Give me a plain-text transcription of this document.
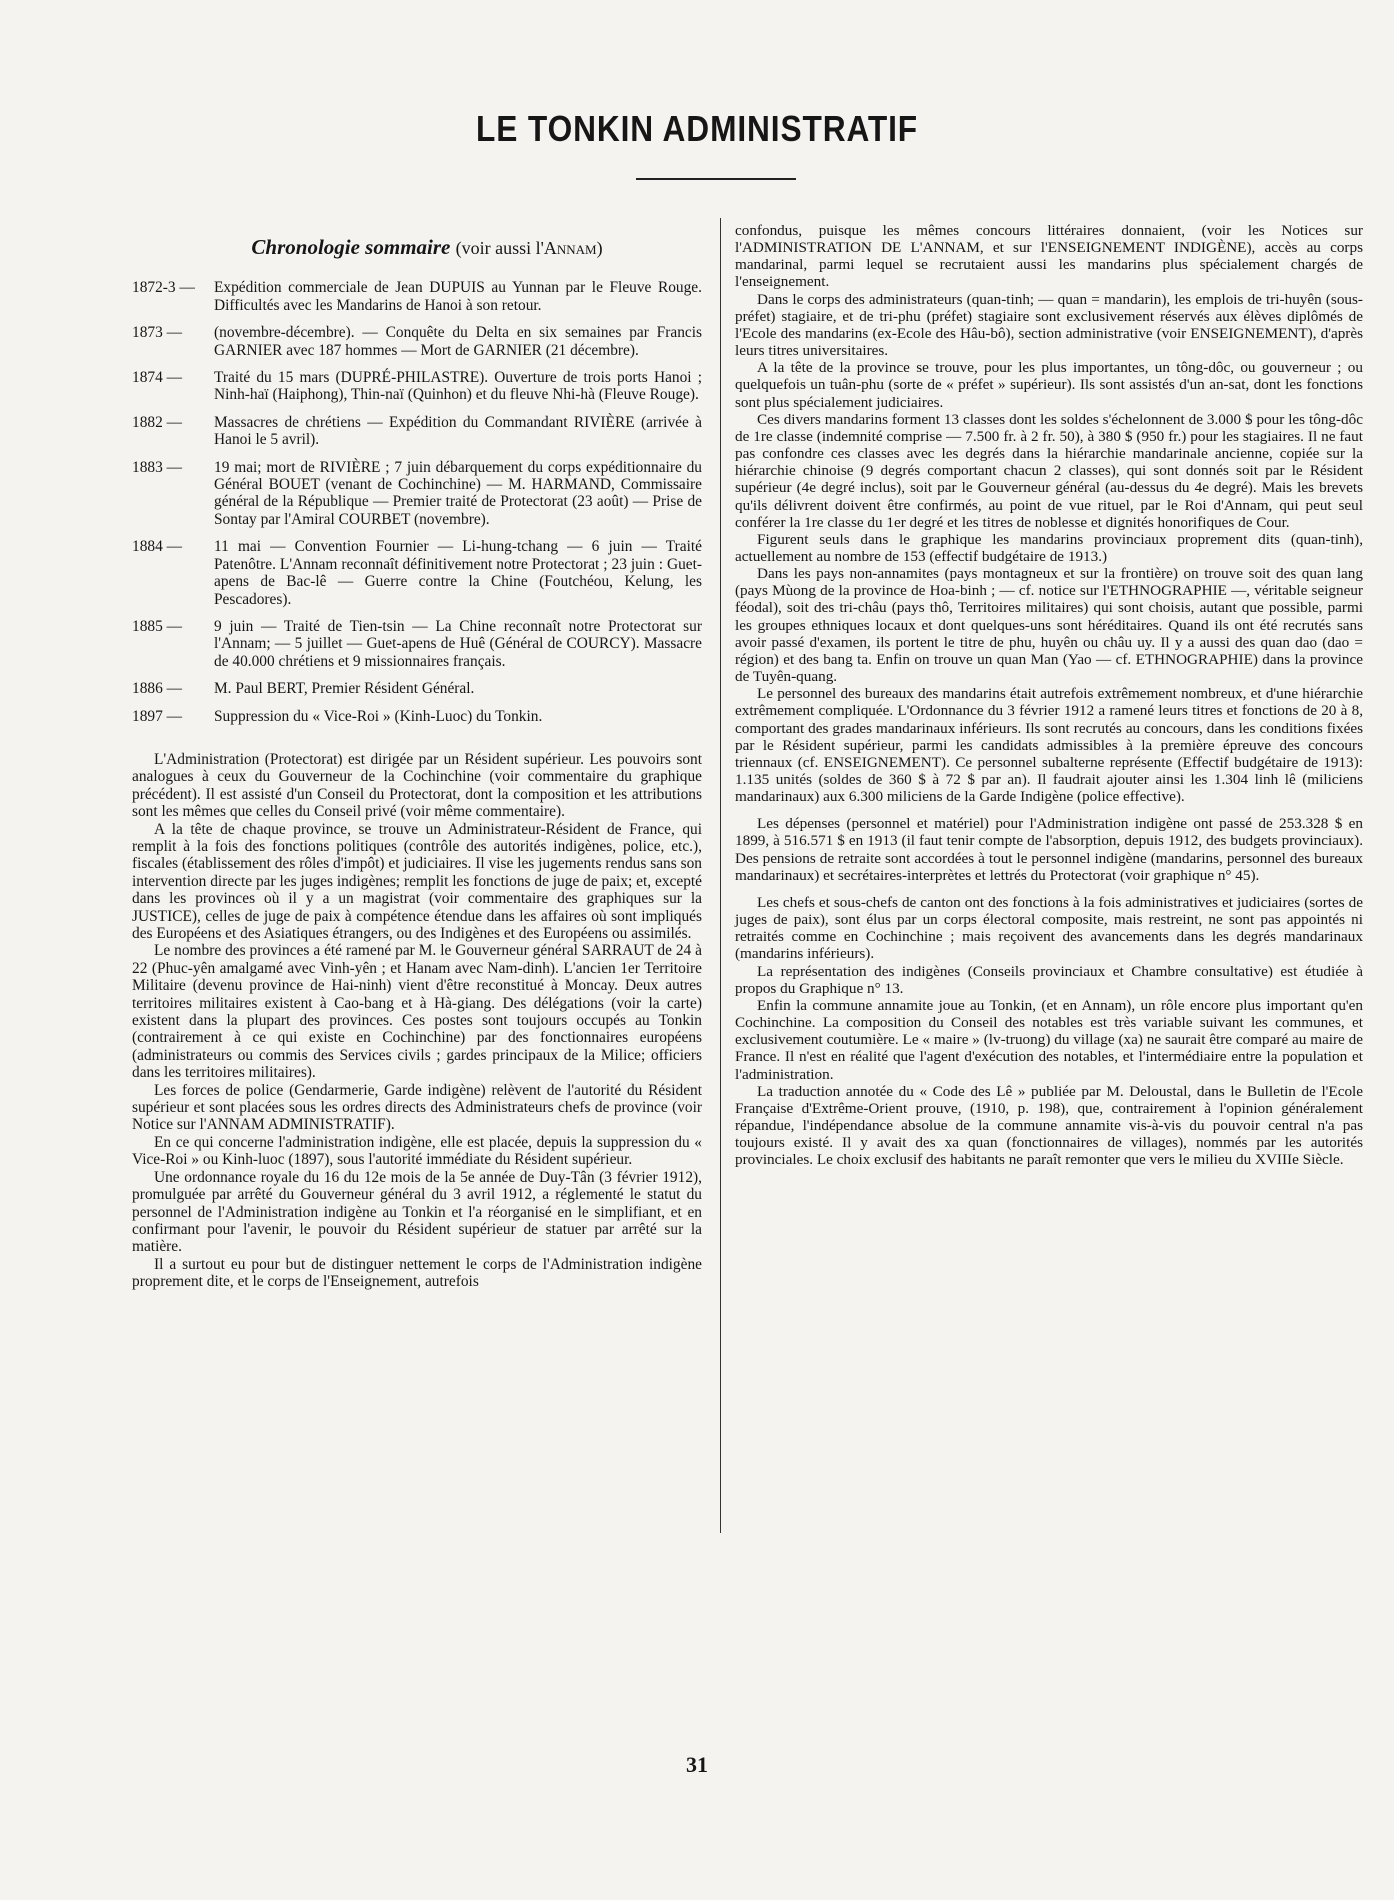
LE TONKIN ADMINISTRATIF
Chronologie sommaire (voir aussi l'Annam)
1872-3 —	Expédition commerciale de Jean DUPUIS au Yunnan par le Fleuve Rouge. Difficultés avec les Mandarins de Hanoi à son retour.
1873 —	(novembre-décembre). — Conquête du Delta en six semaines par Francis GARNIER avec 187 hommes — Mort de GARNIER (21 décembre).
1874 —	Traité du 15 mars (DUPRÉ-PHILASTRE). Ouverture de trois ports Hanoi ; Ninh-haï (Haiphong), Thin-naï (Quinhon) et du fleuve Nhi-hà (Fleuve Rouge).
1882 —	Massacres de chrétiens — Expédition du Commandant RIVIÈRE (arrivée à Hanoi le 5 avril).
1883 —	19 mai; mort de RIVIÈRE ; 7 juin débarquement du corps expéditionnaire du Général BOUET (venant de Cochinchine) — M. HARMAND, Commissaire général de la République — Premier traité de Protectorat (23 août) — Prise de Sontay par l'Amiral COURBET (novembre).
1884 —	11 mai — Convention Fournier — Li-hung-tchang — 6 juin — Traité Patenôtre. L'Annam reconnaît définitivement notre Protectorat ; 23 juin : Guet-apens de Bac-lê — Guerre contre la Chine (Foutchéou, Kelung, les Pescadores).
1885 —	9 juin — Traité de Tien-tsin — La Chine reconnaît notre Protectorat sur l'Annam; — 5 juillet — Guet-apens de Huê (Général de COURCY). Massacre de 40.000 chrétiens et 9 missionnaires français.
1886 —	M. Paul BERT, Premier Résident Général.
1897 —	Suppression du « Vice-Roi » (Kinh-Luoc) du Tonkin.

L'Administration (Protectorat) est dirigée par un Résident supérieur. Les pouvoirs sont analogues à ceux du Gouverneur de la Cochinchine (voir commentaire du graphique précédent). Il est assisté d'un Conseil du Protectorat, dont la composition et les attributions sont les mêmes que celles du Conseil privé (voir même commentaire).

A la tête de chaque province, se trouve un Administrateur-Résident de France, qui remplit à la fois des fonctions politiques (contrôle des autorités indigènes, police, etc.), fiscales (établissement des rôles d'impôt) et judiciaires. Il vise les jugements rendus sans son intervention directe par les juges indigènes; remplit les fonctions de juge de paix; et, excepté dans les provinces où il y a un magistrat (voir commentaire des graphiques sur la JUSTICE), celles de juge de paix à compétence étendue dans les affaires où sont impliqués des Européens et des Asiatiques étrangers, ou des Indigènes et des Européens ou assimilés.

Le nombre des provinces a été ramené par M. le Gouverneur général SARRAUT de 24 à 22 (Phuc-yên amalgamé avec Vinh-yên ; et Hanam avec Nam-dinh). L'ancien 1er Territoire Militaire (devenu province de Hai-ninh) vient d'être reconstitué à Moncay. Deux autres territoires militaires existent à Cao-bang et à Hà-giang. Des délégations (voir la carte) existent dans la plupart des provinces. Ces postes sont toujours occupés au Tonkin (contrairement à ce qui existe en Cochinchine) par des fonctionnaires européens (administrateurs ou commis des Services civils ; gardes principaux de la Milice; officiers dans les territoires militaires).

Les forces de police (Gendarmerie, Garde indigène) relèvent de l'autorité du Résident supérieur et sont placées sous les ordres directs des Administrateurs chefs de province (voir Notice sur l'ANNAM ADMINISTRATIF).

En ce qui concerne l'administration indigène, elle est placée, depuis la suppression du « Vice-Roi » ou Kinh-luoc (1897), sous l'autorité immédiate du Résident supérieur.

Une ordonnance royale du 16 du 12e mois de la 5e année de Duy-Tân (3 février 1912), promulguée par arrêté du Gouverneur général du 3 avril 1912, a réglementé le statut du personnel de l'Administration indigène au Tonkin et l'a réorganisé en le simplifiant, et en confirmant pour l'avenir, le pouvoir du Résident supérieur de statuer par arrêté sur la matière.

Il a surtout eu pour but de distinguer nettement le corps de l'Administration indigène proprement dite, et le corps de l'Enseignement, autrefois

confondus, puisque les mêmes concours littéraires donnaient, (voir les Notices sur l'ADMINISTRATION DE L'ANNAM, et sur l'ENSEIGNEMENT INDIGÈNE), accès au corps mandarinal, parmi lequel se recrutaient aussi les mandarins plus spécialement chargés de l'enseignement.

Dans le corps des administrateurs (quan-tinh; — quan = mandarin), les emplois de tri-huyên (sous-préfet) stagiaire, et de tri-phu (préfet) stagiaire sont exclusivement réservés aux élèves diplômés de l'Ecole des mandarins (ex-Ecole des Hâu-bô), section administrative (voir ENSEIGNEMENT), d'après leurs titres universitaires.

A la tête de la province se trouve, pour les plus importantes, un tông-dôc, ou gouverneur ; ou quelquefois un tuân-phu (sorte de « préfet » supérieur). Ils sont assistés d'un an-sat, dont les fonctions sont plus spécialement judiciaires.

Ces divers mandarins forment 13 classes dont les soldes s'échelonnent de 3.000 $ pour les tông-dôc de 1re classe (indemnité comprise — 7.500 fr. à 2 fr. 50), à 380 $ (950 fr.) pour les stagiaires. Il ne faut pas confondre ces classes avec les degrés dans la hiérarchie mandarinale ancienne, copiée sur la hiérarchie chinoise (9 degrés comportant chacun 2 classes), qui sont donnés soit par le Résident supérieur (4e degré inclus), soit par le Gouverneur général (au-dessus du 4e degré). Mais les brevets qu'ils délivrent doivent être confirmés, au point de vue rituel, par le Roi d'Annam, qui peut seul conférer la 1re classe du 1er degré et les titres de noblesse et dignités honorifiques de Cour.

Figurent seuls dans le graphique les mandarins provinciaux proprement dits (quan-tinh), actuellement au nombre de 153 (effectif budgétaire de 1913.)

Dans les pays non-annamites (pays montagneux et sur la frontière) on trouve soit des quan lang (pays Mùong de la province de Hoa-binh ; — cf. notice sur l'ETHNOGRAPHIE —, véritable seigneur féodal), soit des tri-châu (pays thô, Territoires militaires) qui sont choisis, autant que possible, parmi les groupes ethniques locaux et dont quelques-uns sont héréditaires. Quand ils ont été recrutés sans avoir passé d'examen, ils portent le titre de phu, huyên ou châu uy. Il y a aussi des quan dao (dao = région) et des bang ta. Enfin on trouve un quan Man (Yao — cf. ETHNOGRAPHIE) dans la province de Tuyên-quang.

Le personnel des bureaux des mandarins était autrefois extrêmement nombreux, et d'une hiérarchie extrêmement compliquée. L'Ordonnance du 3 février 1912 a ramené leurs titres et fonctions de 20 à 8, comportant des grades mandarinaux inférieurs. Ils sont recrutés au concours, dans les conditions fixées par le Résident supérieur, parmi les candidats admissibles à la première épreuve des concours triennaux (cf. ENSEIGNEMENT). Ce personnel subalterne représente (Effectif budgétaire de 1913): 1.135 unités (soldes de 360 $ à 72 $ par an). Il faudrait ajouter ainsi les 1.304 linh lê (miliciens mandarinaux) aux 6.300 miliciens de la Garde Indigène (police effective).

Les dépenses (personnel et matériel) pour l'Administration indigène ont passé de 253.328 $ en 1899, à 516.571 $ en 1913 (il faut tenir compte de l'absorption, depuis 1912, des budgets provinciaux). Des pensions de retraite sont accordées à tout le personnel indigène (mandarins, personnel des bureaux mandarinaux) et secrétaires-interprètes et lettrés du Protectorat (voir graphique n° 45).

Les chefs et sous-chefs de canton ont des fonctions à la fois administratives et judiciaires (sortes de juges de paix), sont élus par un corps électoral composite, mais restreint, ne sont pas appointés ni retraités comme en Cochinchine ; mais reçoivent des avancements dans les degrés mandarinaux (mandarins inférieurs).

La représentation des indigènes (Conseils provinciaux et Chambre consultative) est étudiée à propos du Graphique n° 13.

Enfin la commune annamite joue au Tonkin, (et en Annam), un rôle encore plus important qu'en Cochinchine. La composition du Conseil des notables est très variable suivant les communes, et exclusivement coutumière. Le « maire » (lv-truong) du village (xa) ne saurait être comparé au maire de France. Il n'est en réalité que l'agent d'exécution des notables, et l'intermédiaire entre la population et l'administration.

La traduction annotée du « Code des Lê » publiée par M. Deloustal, dans le Bulletin de l'Ecole Française d'Extrême-Orient prouve, (1910, p. 198), que, contrairement à l'opinion généralement répandue, l'indépendance absolue de la commune annamite vis-à-vis du pouvoir central n'a pas toujours existé. Il y avait des xa quan (fonctionnaires de villages), nommés par les autorités provinciales. Le choix exclusif des habitants ne paraît remonter que vers le milieu du XVIIIe Siècle.

31
